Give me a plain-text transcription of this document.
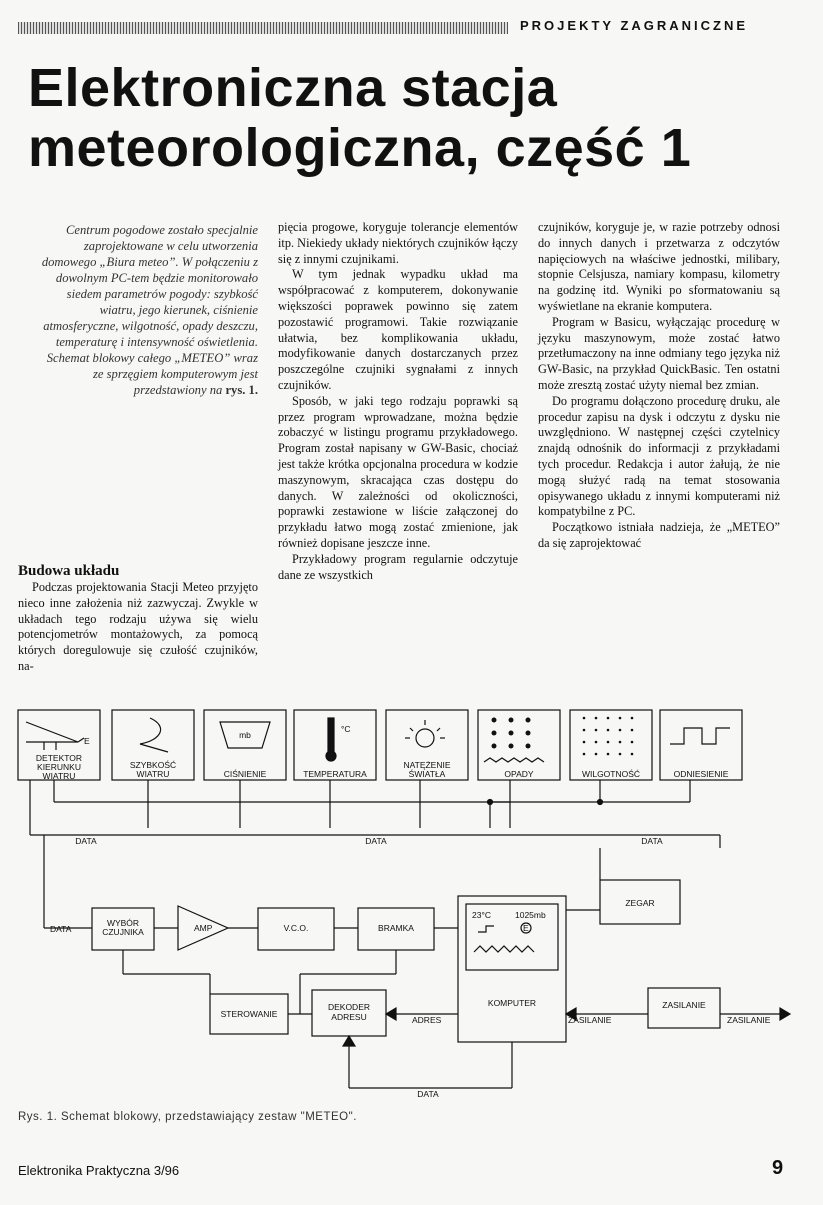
PROJEKTY ZAGRANICZNE
Elektroniczna stacja
meteorologiczna, część 1

Centrum pogodowe zostało specjalnie zaprojektowane w celu utworzenia domowego „Biura meteo”. W połączeniu z dowolnym PC-tem będzie monitorowało siedem parametrów pogody: szybkość wiatru, jego kierunek, ciśnienie atmosferyczne, wilgotność, opady deszczu, temperaturę i intensywność oświetlenia. Schemat blokowy całego „METEO” wraz ze sprzęgiem komputerowym jest przedstawiony na rys. 1.

Budowa układu

Podczas projektowania Stacji Meteo przyjęto nieco inne założenia niż zazwyczaj. Zwykle w układach tego rodzaju używa się wielu potencjometrów montażowych, za pomocą których doregulowuje się czułość czujników, na-

pięcia progowe, koryguje tolerancje elementów itp. Niekiedy układy niektórych czujników łączy się z innymi czujnikami.

W tym jednak wypadku układ ma współpracować z komputerem, dokonywanie większości poprawek powinno się zatem pozostawić programowi. Takie rozwiązanie ułatwia, bez komplikowania układu, modyfikowanie danych dostarczanych przez poszczególne czujniki sygnałami z innych czujników.

Sposób, w jaki tego rodzaju poprawki są przez program wprowadzane, można będzie zobaczyć w listingu programu przykładowego. Program został napisany w GW-Basic, chociaż jest także krótka opcjonalna procedura w kodzie maszynowym, skracająca czas dostępu do danych. W zależności od okoliczności, poprawki zestawione w liście załączonej do przykładu łatwo mogą zostać zmienione, jak również dopisane jeszcze inne.

Przykładowy program regularnie odczytuje dane ze wszystkich

czujników, koryguje je, w razie potrzeby odnosi do innych danych i przetwarza z odczytów napięciowych na właściwe jednostki, milibary, stopnie Celsjusza, namiary kompasu, kilometry na godzinę itd. Wyniki po sformatowaniu są wyświetlane na ekranie komputera.

Program w Basicu, wyłączając procedurę w języku maszynowym, może zostać łatwo przetłumaczony na inne odmiany tego języka niż GW-Basic, na przykład QuickBasic. Ten ostatni może zresztą zostać użyty niemal bez zmian.

Do programu dołączono procedurę druku, ale procedur zapisu na dysk i odczytu z dysku nie uwzględniono. W następnej części czytelnicy znajdą odnośnik do informacji z przykładami tych procedur. Redakcja i autor żałują, że nie mogą służyć radą na temat stosowania opisywanego układu z innymi komputerami niż kompatybilne z PC.

Początkowo istniała nadzieja, że „METEO” da się zaprojektować

E
DETEKTOR
KIERUNKU
WIATRU
SZYBKOŚĆ
WIATRU
mb
CIŚNIENIE
°C
TEMPERATURA
NATĘŻENIE
ŚWIATŁA	OPADY	WILGOTNOŚĆ	ODNIESIENIE
DATA	DATA	DATA
DATA
WYBÓR
CZUJNIKA	AMP	V.C.O.	BRAMKA
23°C	1025mb
E
KOMPUTER
ZEGAR
STEROWANIE
DEKODER
ADRESU	ADRES
DATA
ZASILANIE
ZASILANIE	ZASILANIE
Rys. 1. Schemat blokowy, przedstawiający zestaw "METEO".
Elektronika Praktyczna 3/96	9
